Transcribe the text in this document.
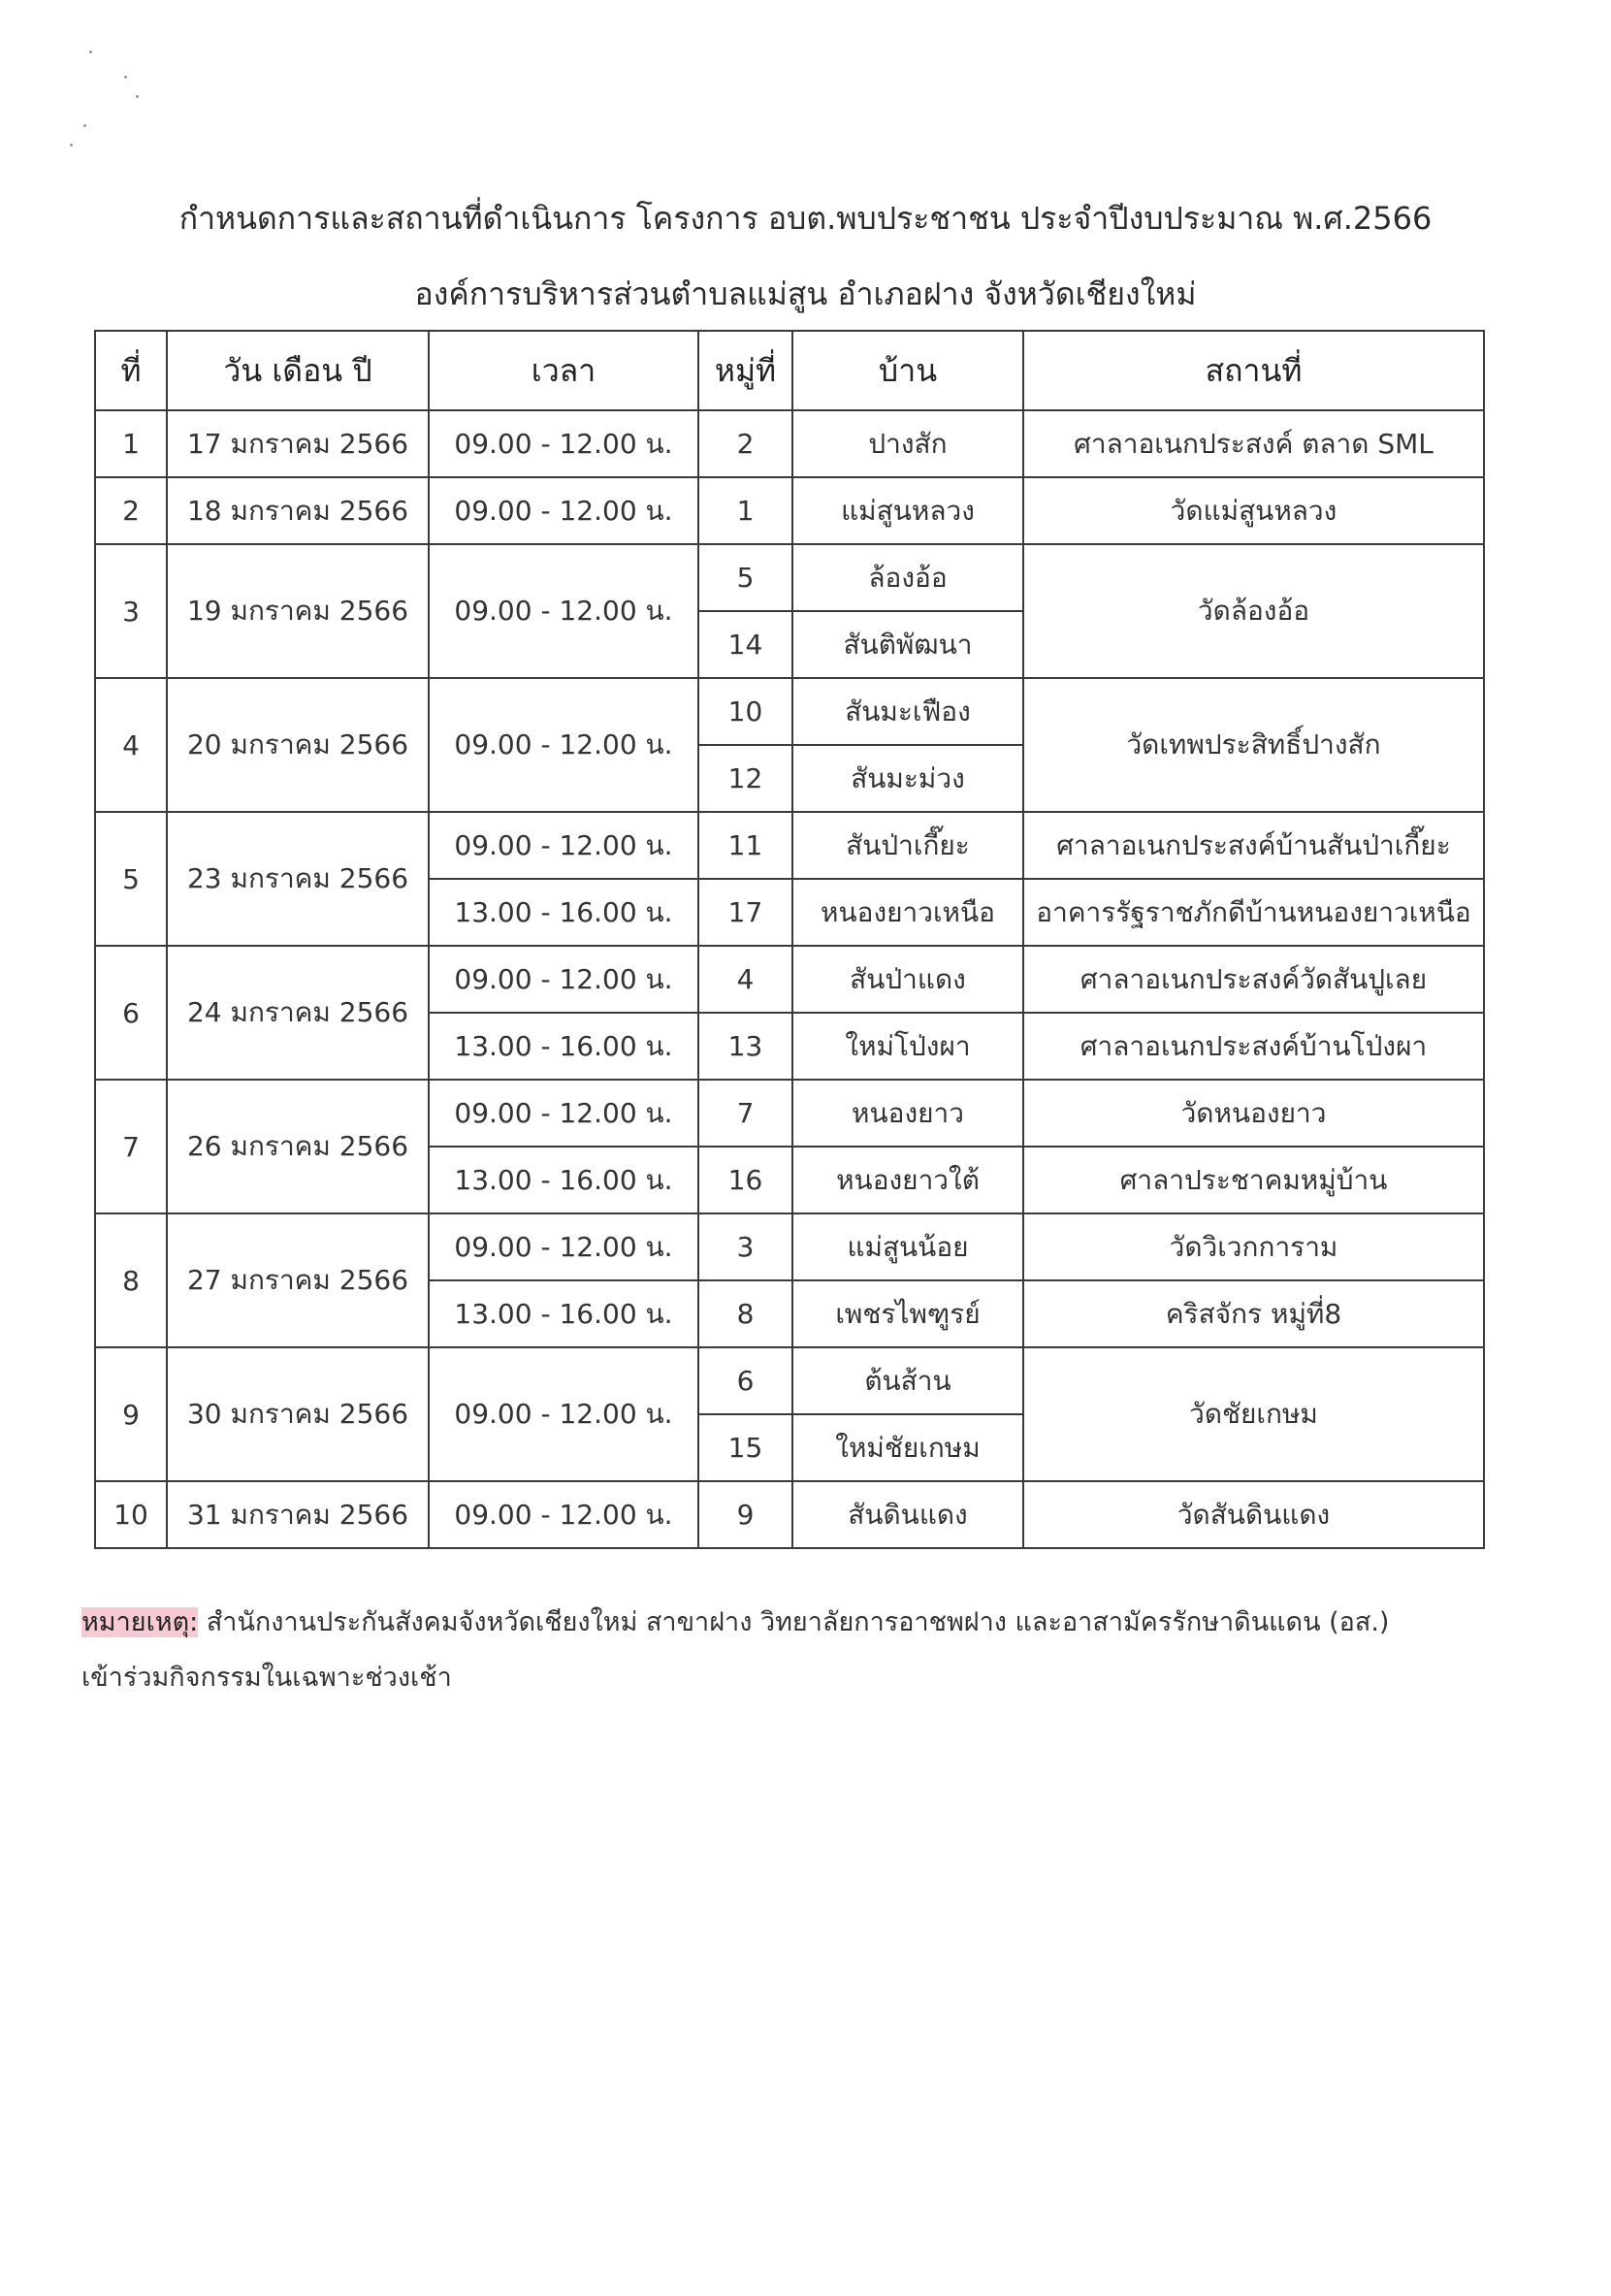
กำหนดการและสถานที่ดำเนินการ โครงการ อบต.พบประชาชน ประจำปีงบประมาณ พ.ศ.2566
องค์การบริหารส่วนตำบลแม่สูน อำเภอฝาง จังหวัดเชียงใหม่
ที่	วัน เดือน ปี	เวลา	หมู่ที่	บ้าน	สถานที่
1	17 มกราคม 2566	09.00 - 12.00 น.	2	ปางสัก	ศาลาอเนกประสงค์ ตลาด SML
2	18 มกราคม 2566	09.00 - 12.00 น.	1	แม่สูนหลวง	วัดแม่สูนหลวง
3	19 มกราคม 2566	09.00 - 12.00 น.	5	ล้องอ้อ	วัดล้องอ้อ
			14	สันติพัฒนา	
4	20 มกราคม 2566	09.00 - 12.00 น.	10	สันมะเฟือง	วัดเทพประสิทธิ์ปางสัก
			12	สันมะม่วง	
5	23 มกราคม 2566	09.00 - 12.00 น.	11	สันป่าเกี๊ยะ	ศาลาอเนกประสงค์บ้านสันป่าเกี๊ยะ
		13.00 - 16.00 น.	17	หนองยาวเหนือ	อาคารรัฐราชภักดีบ้านหนองยาวเหนือ
6	24 มกราคม 2566	09.00 - 12.00 น.	4	สันป่าแดง	ศาลาอเนกประสงค์วัดสันปูเลย
		13.00 - 16.00 น.	13	ใหม่โป่งผา	ศาลาอเนกประสงค์บ้านโป่งผา
7	26 มกราคม 2566	09.00 - 12.00 น.	7	หนองยาว	วัดหนองยาว
		13.00 - 16.00 น.	16	หนองยาวใต้	ศาลาประชาคมหมู่บ้าน
8	27 มกราคม 2566	09.00 - 12.00 น.	3	แม่สูนน้อย	วัดวิเวกการาม
		13.00 - 16.00 น.	8	เพชรไพฑูรย์	คริสจักร หมู่ที่8
9	30 มกราคม 2566	09.00 - 12.00 น.	6	ต้นส้าน	วัดชัยเกษม
			15	ใหม่ชัยเกษม	
10	31 มกราคม 2566	09.00 - 12.00 น.	9	สันดินแดง	วัดสันดินแดง
หมายเหตุ: สำนักงานประกันสังคมจังหวัดเชียงใหม่ สาขาฝาง วิทยาลัยการอาชพฝาง และอาสามัครรักษาดินแดน (อส.)
เข้าร่วมกิจกรรมในเฉพาะช่วงเช้า
